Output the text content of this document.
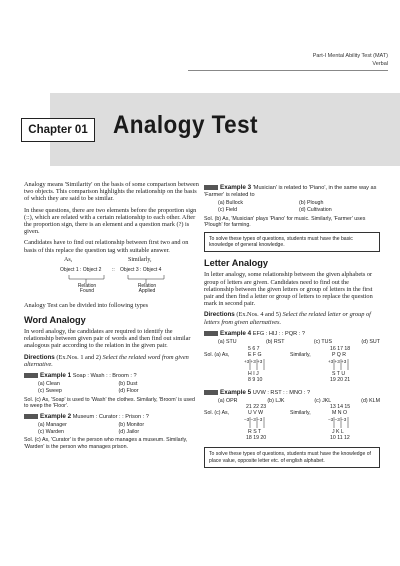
Part-I Mental Ability Test (MAT)
Verbal
Chapter 01 Analogy Test

Analogy means 'Similarity' on the basis of some comparison between two objects. This comparison highlights the relationship on the basis of which they are said to be similar.

In these questions, there are two elements before the proportion sign (::), which are related with a certain relationship to each other. After the proportion sign, there is an element and a question mark (?) is given.

Candidates have to find out relationship between first two and on basis of this replace the question tag with suitable answer.

As,	Similarly,
Object 1 : Object 2 :: Object 3 : Object 4
Relation Found
Relation Applied

Analogy Test can be divided into following types

Word Analogy

In word analogy, the candidates are required to identify the relationship between given pair of words and then find out similar analogous pair according to the relation in the given pair.

Directions (Ex.Nos. 1 and 2) Select the related word from given alternative.

Example 1 Soap : Wash : : Broom : ?
(a) Clean	(b) Dust
(c) Sweep	(d) Floor
Sol. (c) As, 'Soap' is used to 'Wash' the clothes. Similarly, 'Broom' is used to weep the 'Floor'.
Example 2 Museum : Curator : : Prison : ?
(a) Manager	(b) Monitor
(c) Warden	(d) Jailor
Sol. (c) As, 'Curator' is the person who manages a museum. Similarly, 'Warden' is the person who manages prison.
Example 3 'Musician' is related to 'Piano', in the same way as 'Farmer' is related to
(a) Bullock	(b) Plough
(c) Field	(d) Cultivation
Sol. (b) As, 'Musician' plays 'Piano' for music. Similarly, 'Farmer' uses 'Plough' for farming.
To solve these types of questions, students must have the basic knowledge of general knowledge.
Letter Analogy

In letter analogy, some relationship between the given alphabets or group of letters are given. Candidates need to find out the relationship between the given letters or group of letters in the first pair and then find a letter or group of letters to replace the question mark in second pair.

Directions (Ex.Nos. 4 and 5) Select the related letter or group of letters from given alternatives.

Example 4 EFG : HIJ : : PQR : ?
(a) STU	(b) RST	(c) TUS	(d) SUT
Sol. (a) As,
5 6 7
E F G
+3 +3 +3
H I J
8 9 10
Similarly,
16 17 18
P Q R
+3 +3 +3
S T U
19 20 21
Example 5 UVW : RST : : MNO : ?
(a) OPR	(b) LJK	(c) JKL	(d) KLM
Sol. (c) As,
21 22 23
U V W
−3 −3 −3
R S T
18 19 20
Similarly,
13 14 15
M N O
−3 −3 −3
J K L
10 11 12
To solve these types of questions, students must have the knowledge of place value, opposite letter etc. of english alphabet.
